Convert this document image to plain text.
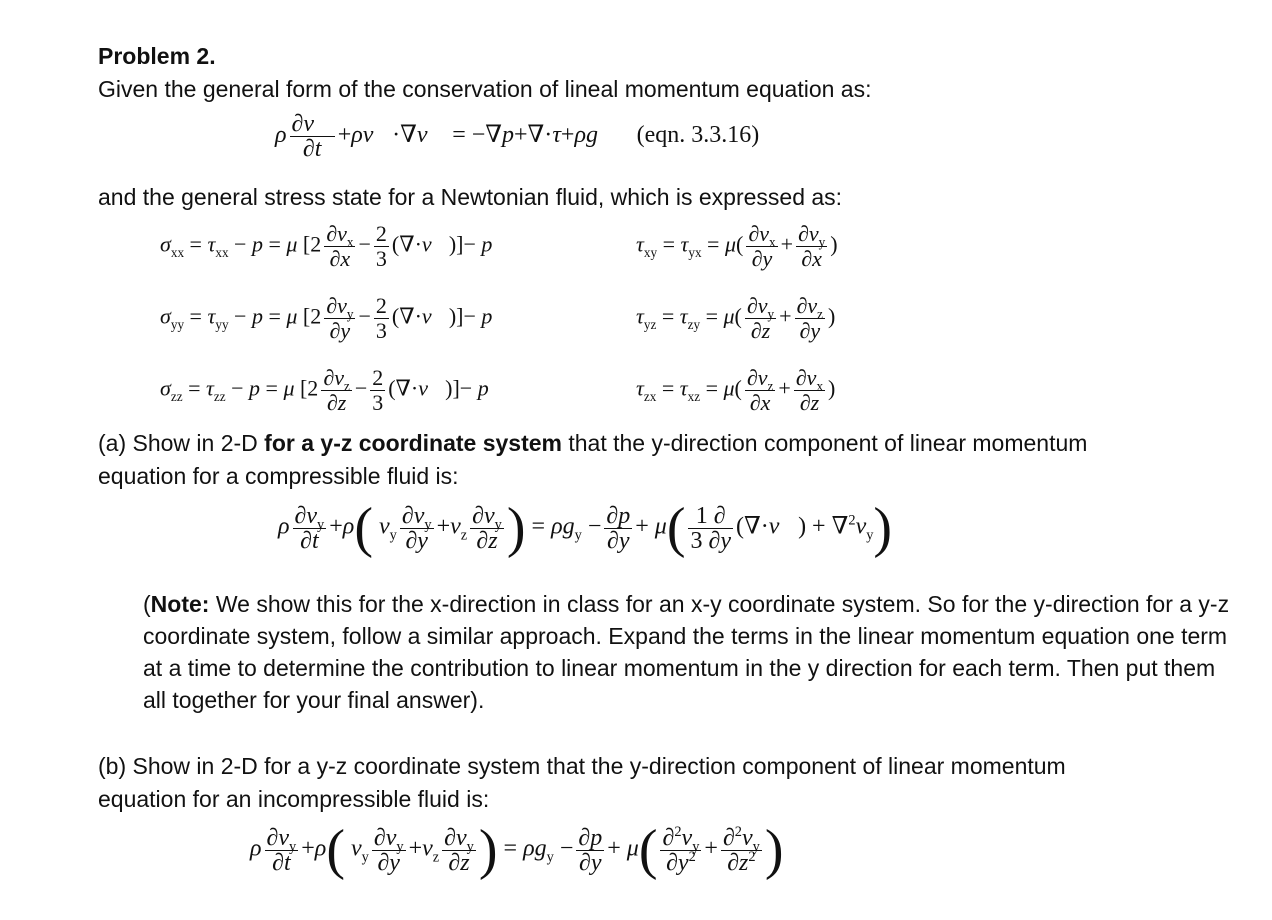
Problem 2.
Given the general form of the conservation of lineal momentum equation as:
ρ $\frac{\partial v⃗}{\partial t}$ +ρv⃗·∇v⃗ = −∇p+∇·τ+ρg⃗ (eqn. 3.3.16)
and the general stress state for a Newtonian fluid, which is expressed as:
$\sigma_{xx} = \tau_{xx} - p = \mu$ [$2 \frac{\partial v_x}{\partial x} - \frac{2}{3}$ (∇·v⃗)]− p
$\sigma_{yy} = \tau_{yy} - p = \mu$ [$2 \frac{\partial v_y}{\partial y} - \frac{2}{3}$ (∇·v⃗)]− p
$\sigma_{zz} = \tau_{zz} - p = \mu$ [$2 \frac{\partial v_z}{\partial z} - \frac{2}{3}$ (∇·v⃗)]− p
$\tau_{xy} = \tau_{yx} = \mu( \frac{\partial v_x}{\partial y} + \frac{\partial v_y}{\partial x}$ )
$\tau_{yz} = \tau_{zy} = \mu( \frac{\partial v_y}{\partial z} + \frac{\partial v_z}{\partial y}$ )
$\tau_{zx} = \tau_{xz} = \mu( \frac{\partial v_z}{\partial x} + \frac{\partial v_x}{\partial z}$ )
(a) Show in 2-D for a y-z coordinate system that the y-direction component of linear momentum
equation for a compressible fluid is:
ρ $\frac{\partial v_y}{\partial t} +\rho$( $v_y \frac{\partial v_y}{\partial y} +v_z \frac{\partial v_y}{\partial z}$ ) = $\rho g_y - \frac{\partial p}{\partial y} + \mu( \frac{1 \partial}{3 \partial y}$ (∇·v⃗) + $\nabla^2v_y$)
(Note: We show this for the x-direction in class for an x-y coordinate system. So for the y-direction for a y-z coordinate system, follow a similar approach. Expand the terms in the linear momentum equation one term at a time to determine the contribution to linear momentum in the y direction for each term. Then put them all together for your final answer).
(b) Show in 2-D for a y-z coordinate system that the y-direction component of linear momentum
equation for an incompressible fluid is:
ρ $\frac{\partial v_y}{\partial t} +\rho$( $v_y \frac{\partial v_y}{\partial y} +v_z \frac{\partial v_y}{\partial z}$ ) = $\rho g_y - \frac{\partial p}{\partial y} + \mu( \frac{\partial^2v_y}{\partial y^2} + \frac{\partial^2v_y}{\partial z^2}$ )
